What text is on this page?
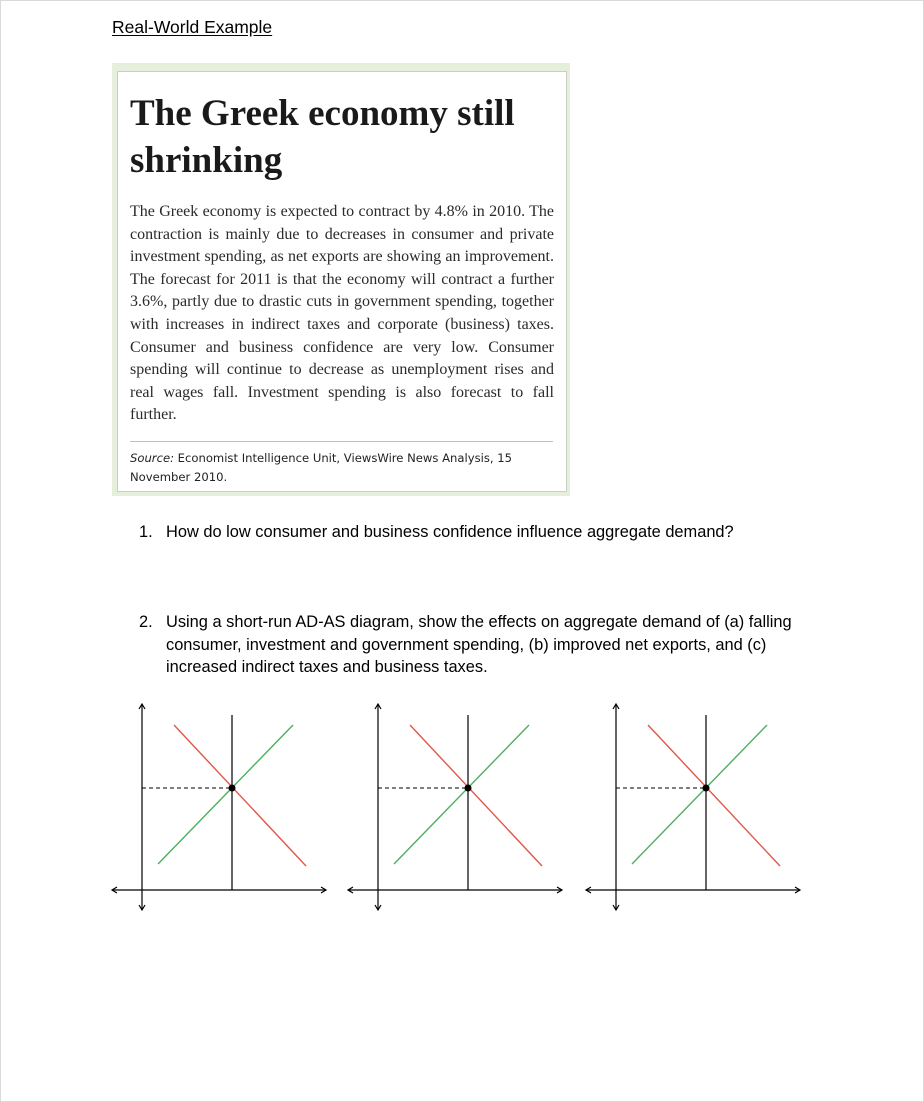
Real-World Example
The Greek economy still shrinking

The Greek economy is expected to contract by 4.8% in 2010. The contraction is mainly due to decreases in consumer and private investment spending, as net exports are showing an improvement. The forecast for 2011 is that the economy will contract a further 3.6%, partly due to drastic cuts in government spending, together with increases in indirect taxes and corporate (business) taxes. Consumer and business confidence are very low. Consumer spending will continue to decrease as unemployment rises and real wages fall. Investment spending is also forecast to fall further.

Source: Economist Intelligence Unit, ViewsWire News Analysis, 15 November 2010.

1. How do low consumer and business confidence influence aggregate demand?
2. Using a short-run AD-AS diagram, show the effects on aggregate demand of (a) falling consumer, investment and government spending, (b) improved net exports, and (c) increased indirect taxes and business taxes.
